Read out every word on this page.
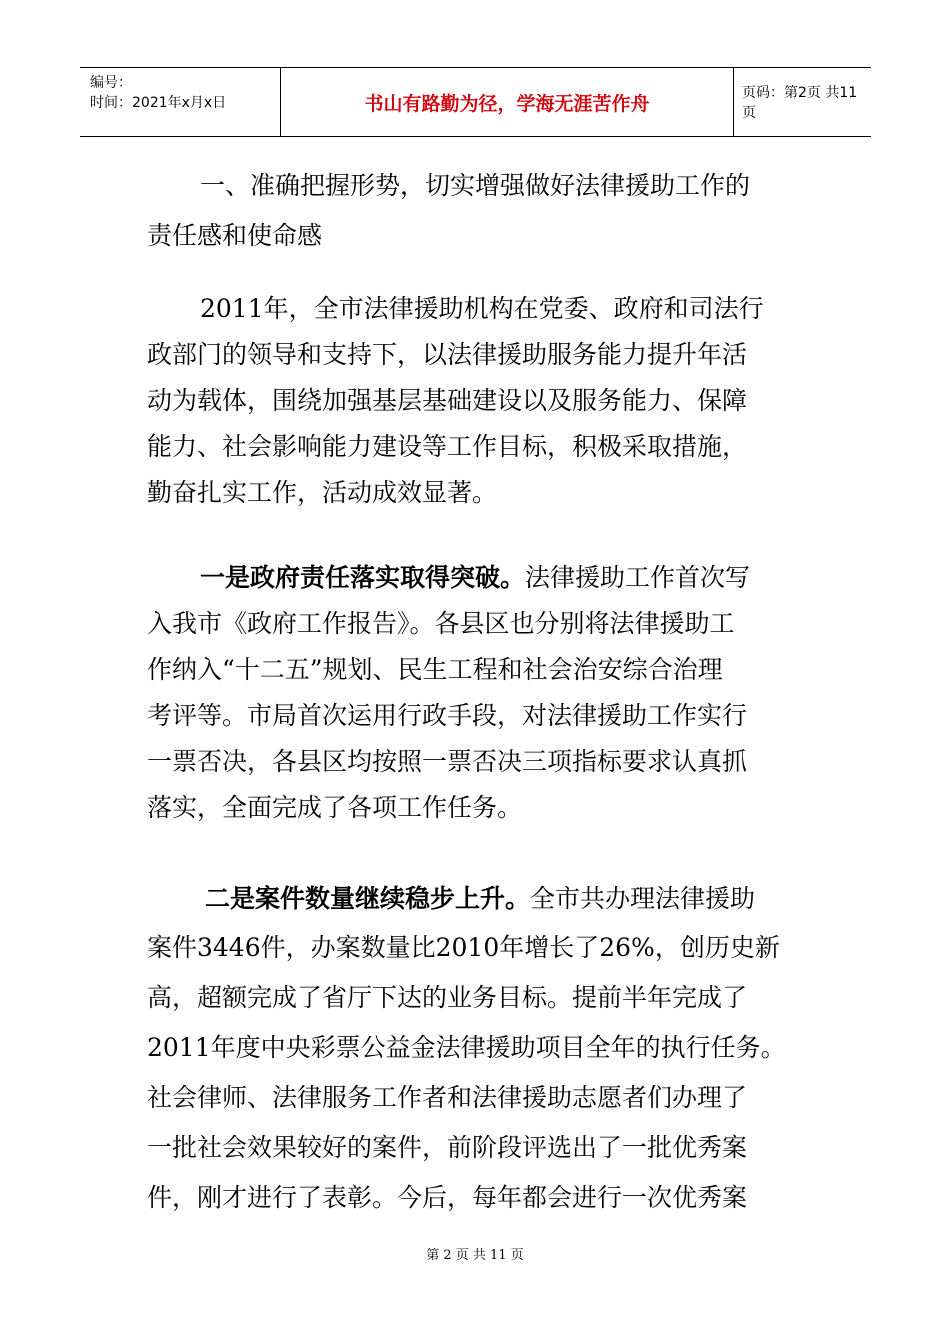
编号：
时间：2021年x月x日	书山有路勤为径，学海无涯苦作舟	页码：第2页 共11页
一、准确把握形势，切实增强做好法律援助工作的
责任感和使命感
2011年，全市法律援助机构在党委、政府和司法行
政部门的领导和支持下，以法律援助服务能力提升年活
动为载体，围绕加强基层基础建设以及服务能力、保障
能力、社会影响能力建设等工作目标，积极采取措施，
勤奋扎实工作，活动成效显著。
一是政府责任落实取得突破。法律援助工作首次写
入我市《政府工作报告》。各县区也分别将法律援助工
作纳入“十二五”规划、民生工程和社会治安综合治理
考评等。市局首次运用行政手段，对法律援助工作实行
一票否决，各县区均按照一票否决三项指标要求认真抓
落实，全面完成了各项工作任务。
二是案件数量继续稳步上升。全市共办理法律援助
案件3446件，办案数量比2010年增长了26%，创历史新
高，超额完成了省厅下达的业务目标。提前半年完成了
2011年度中央彩票公益金法律援助项目全年的执行任务。
社会律师、法律服务工作者和法律援助志愿者们办理了
一批社会效果较好的案件，前阶段评选出了一批优秀案
件，刚才进行了表彰。今后，每年都会进行一次优秀案
第 2 页 共 11 页
